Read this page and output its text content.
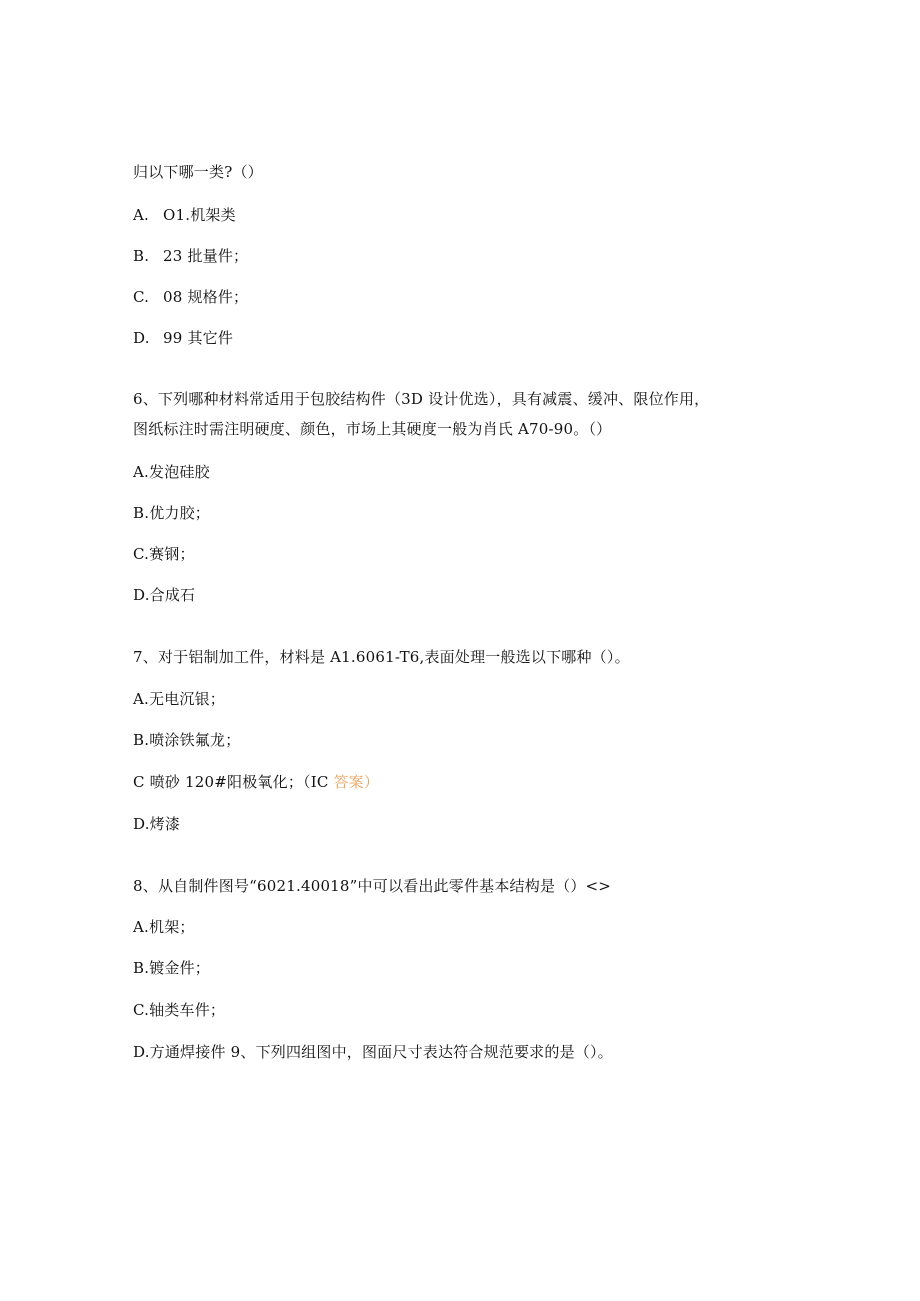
归以下哪一类?（）
A. O1.机架类
B. 23 批量件；
C. 08 规格件；
D. 99 其它件
6、下列哪种材料常适用于包胶结构件（3D 设计优选），具有减震、缓冲、限位作用，
图纸标注时需注明硬度、颜色，市场上其硬度一般为肖氏 A70-90。（）
A.发泡硅胶
B.优力胶；
C.赛钢；
D.合成石
7、对于铝制加工件，材料是 A1.6061-T6,表面处理一般选以下哪种（）。
A.无电沉银；
B.喷涂铁氟龙；
C 喷砂 120#阳极氧化；（IC 答案）
D.烤漆
8、从自制件图号“6021.40018”中可以看出此零件基本结构是（）<>
A.机架；
B.镀金件；
C.轴类车件；
D.方通焊接件 9、下列四组图中，图面尺寸表达符合规范要求的是（）。
